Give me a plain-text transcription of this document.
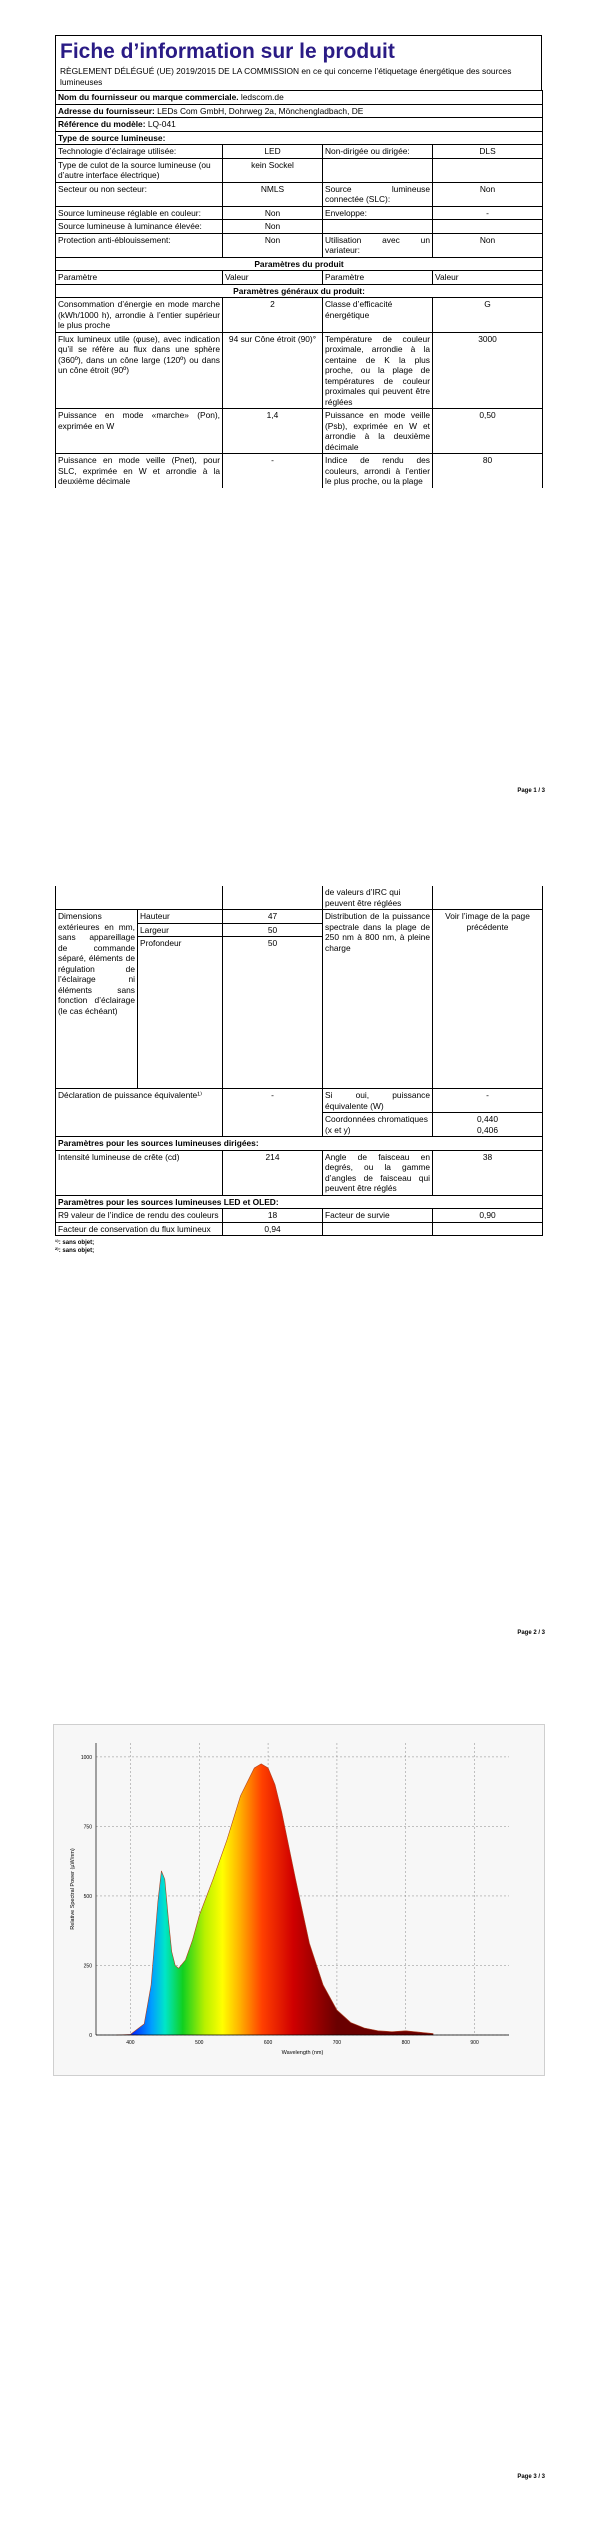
Fiche d’information sur le produit
RÈGLEMENT DÉLÉGUÉ (UE) 2019/2015 DE LA COMMISSION en ce qui concerne l’étiquetage énergétique des sources lumineuses
Nom du fournisseur ou marque commerciale. ledscom.de			
Adresse du fournisseur: LEDs Com GmbH, Dohrweg 2a, Mönchengladbach, DE			
Référence du modèle: LQ-041			
Type de source lumineuse:			
Technologie d’éclairage utilisée:	LED	Non-dirigée ou dirigée:	DLS
Type de culot de la source lumineuse (ou d’autre interface électrique)	kein Sockel		
Secteur ou non secteur:	NMLS	Source lumineuse connectée (SLC):	Non
Source lumineuse réglable en couleur:	Non	Enveloppe:	-
Source lumineuse à luminance élevée:	Non		
Protection anti-éblouissement:	Non	Utilisation avec un variateur:	Non
Paramètres du produit			
Paramètre	Valeur	Paramètre	Valeur
Paramètres généraux du produit:			
Consommation d’énergie en mode marche (kWh/1000 h), arrondie à l’entier supérieur le plus proche	2	Classe d’efficacité énergétique	G
Flux lumineux utile (φuse), avec indication qu’il se réfère au flux dans une sphère (360º), dans un cône large (120º) ou dans un cône étroit (90º)	94 sur Cône étroit (90)°	Température de couleur proximale, arrondie à la centaine de K la plus proche, ou la plage de températures de couleur proximales qui peuvent être réglées	3000
Puissance en mode «marche» (Pon), exprimée en W	1,4	Puissance en mode veille (Psb), exprimée en W et arrondie à la deuxième décimale	0,50
Puissance en mode veille (Pnet), pour SLC, exprimée en W et arrondie à la deuxième décimale	-	Indice de rendu des couleurs, arrondi à l’entier le plus proche, ou la plage	80
Page 1 / 3
			de valeurs d’IRC qui peuvent être réglées	
Dimensions extérieures en mm, sans appareillage de commande séparé, éléments de régulation de l’éclairage ni éléments sans fonction d’éclairage (le cas échéant)	Hauteur	47	Distribution de la puissance spectrale dans la plage de 250 nm à 800 nm, à pleine charge	Voir l’image de la page précédente
	Largeur	50		
	Profondeur	50		
Déclaration de puissance équivalente¹⁾		-	Si oui, puissance équivalente (W)	-
			Coordonnées chromatiques (x et y)	0,440
0,406

Paramètres pour les sources lumineuses dirigées:				
Intensité lumineuse de crête (cd)		214	Angle de faisceau en degrés, ou la gamme d’angles de faisceau qui peuvent être réglés	38
Paramètres pour les sources lumineuses LED et OLED:				
R9 valeur de l’indice de rendu des couleurs		18	Facteur de survie	0,90
Facteur de conservation du flux lumineux		0,94		
¹⁾: sans objet;
²⁾: sans objet;
Page 2 / 3
400	500	600	700	800	900
0
250
500
750
1000
Wavelength (nm)
Relative Spectral Power (µW/nm)
Page 3 / 3
